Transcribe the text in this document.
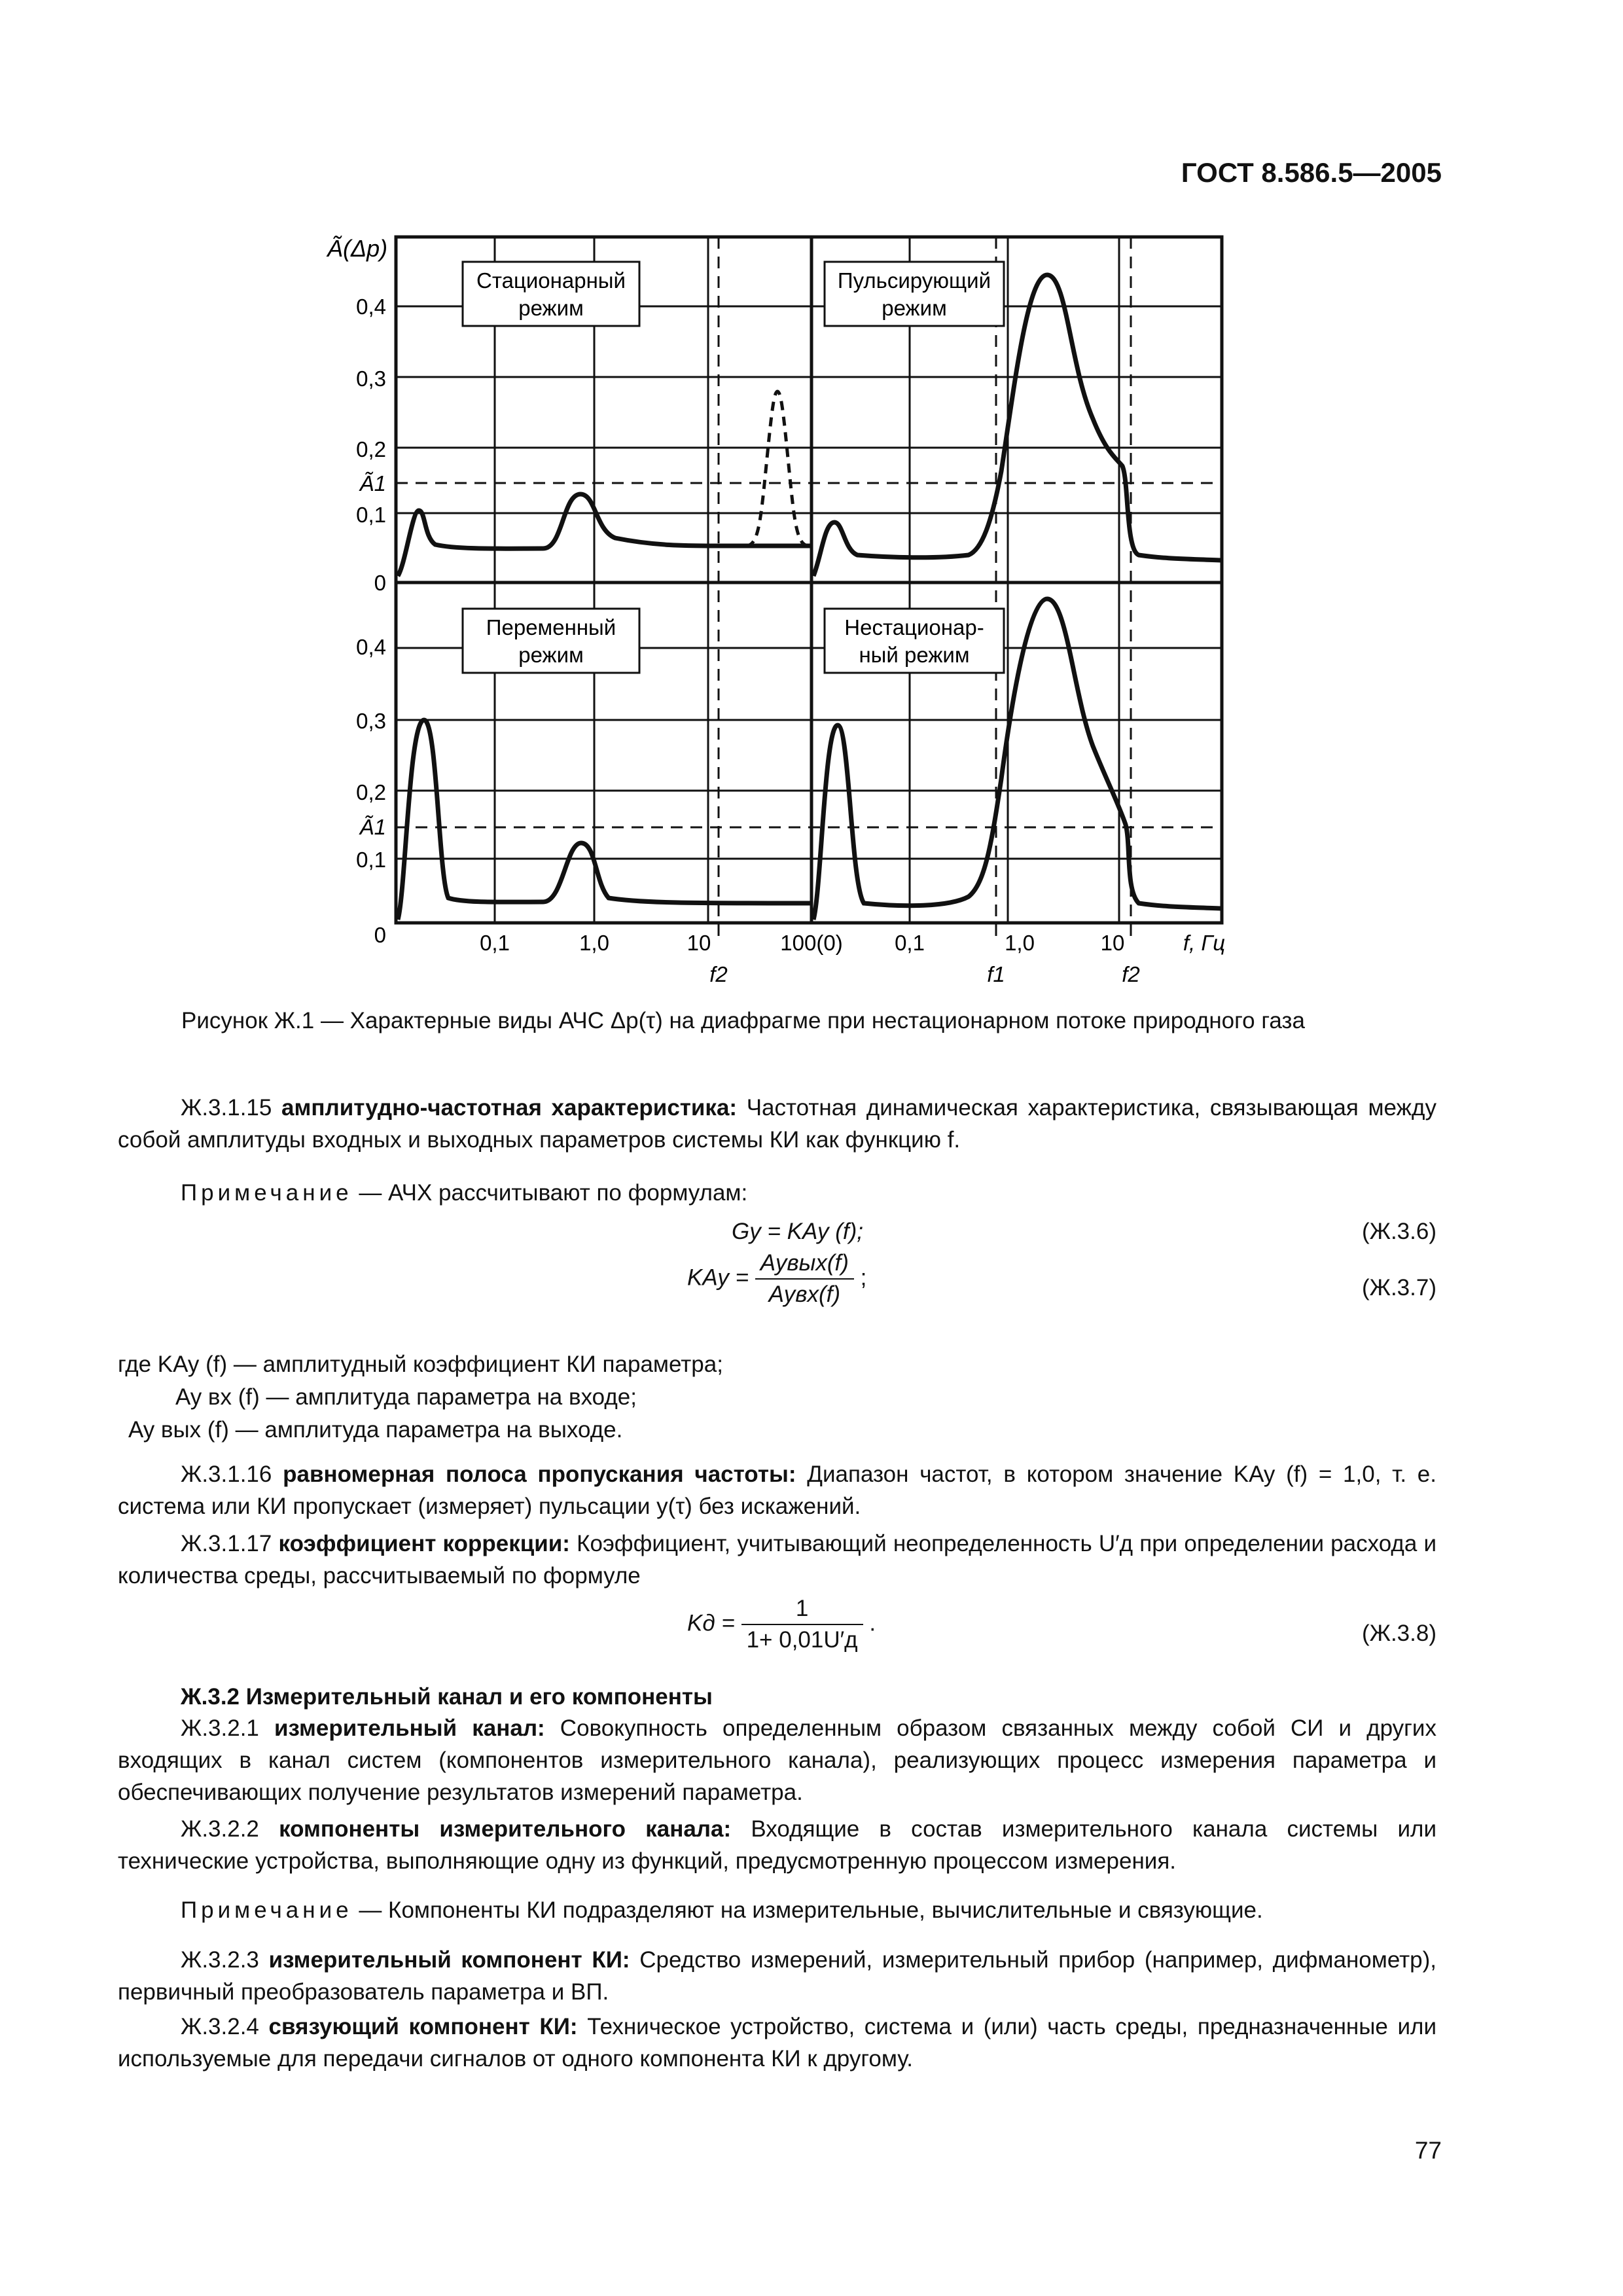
ГОСТ 8.586.5—2005
Ã(Δp)
0,4
0,3
0,2
Ã1
0,1
0
0,4
0,3
0,2
Ã1
0,1
0
Стационарный
режим
Пульсирующий
режим
Переменный
режим
Нестационар-
ный режим
0,1	1,0	10	100(0) 0,1	1,0	10	f, Гц
f2	f1	f2
Рисунок Ж.1 — Характерные виды АЧС Δp(τ) на диафрагме при нестационарном потоке природного газа

Ж.3.1.15 амплитудно-частотная характеристика: Частотная динамическая характеристика, связывающая между собой амплитуды входных и выходных параметров системы КИ как функцию f.

Примечание — АЧХ рассчитывают по формулам:

Gy = KAy (f);	(Ж.3.6)
KAy = $\frac{\text{Ayвых(f)}}{\text{Ayвх(f)}}$ ;	(Ж.3.7)
где KAy (f) — амплитудный коэффициент КИ параметра;
Ay вх (f) — амплитуда параметра на входе;
Ay вых (f) — амплитуда параметра на выходе.

Ж.3.1.16 равномерная полоса пропускания частоты: Диапазон частот, в котором значение KAy (f) = 1,0, т. е. система или КИ пропускает (измеряет) пульсации y(τ) без искажений.

Ж.3.1.17 коэффициент коррекции: Коэффициент, учитывающий неопределенность U′д при определении расхода и количества среды, рассчитываемый по формуле

Kд = $\frac{1}{1+ 0,01U'д}$ .	(Ж.3.8)

Ж.3.2 Измерительный канал и его компоненты

Ж.3.2.1 измерительный канал: Совокупность определенным образом связанных между собой СИ и других входящих в канал систем (компонентов измерительного канала), реализующих процесс измерения параметра и обеспечивающих получение результатов измерений параметра.

Ж.3.2.2 компоненты измерительного канала: Входящие в состав измерительного канала системы или технические устройства, выполняющие одну из функций, предусмотренную процессом измерения.

Примечание — Компоненты КИ подразделяют на измерительные, вычислительные и связующие.

Ж.3.2.3 измерительный компонент КИ: Средство измерений, измерительный прибор (например, дифманометр), первичный преобразователь параметра и ВП.

Ж.3.2.4 связующий компонент КИ: Техническое устройство, система и (или) часть среды, предназначенные или используемые для передачи сигналов от одного компонента КИ к другому.

77
